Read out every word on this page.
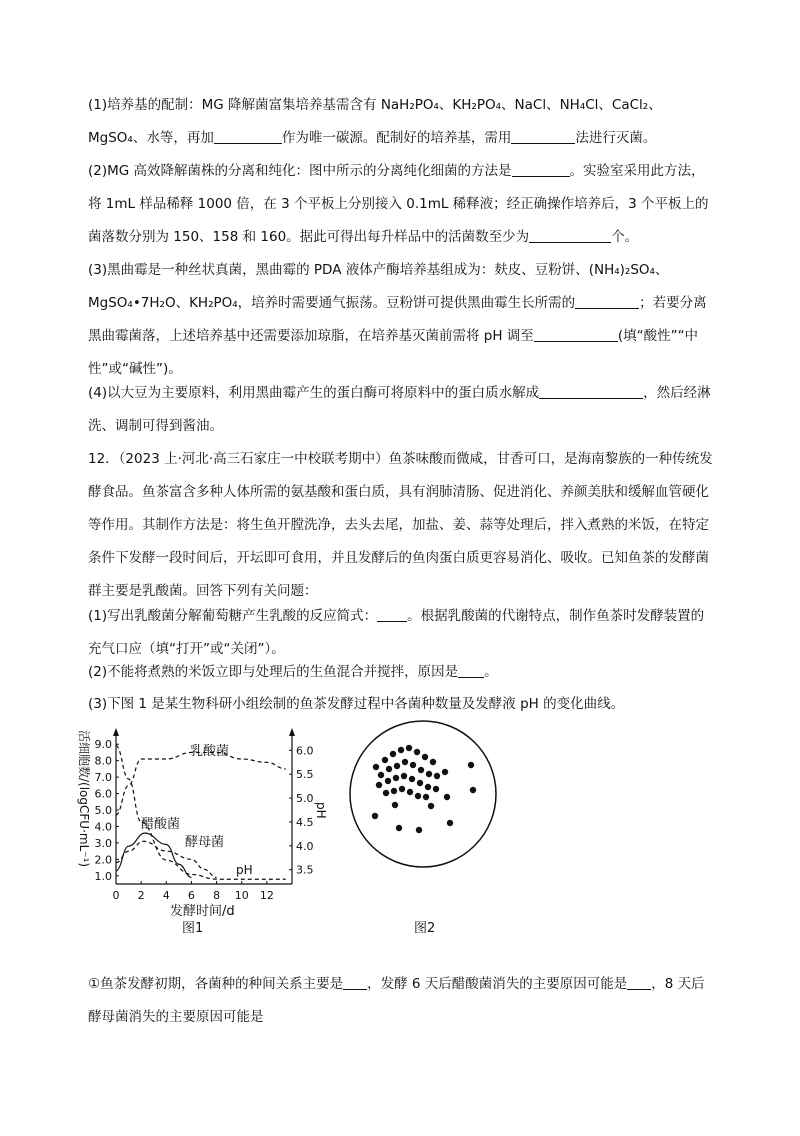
(1)培养基的配制：MG 降解菌富集培养基需含有 NaH₂PO₄、KH₂PO₄、NaCl、NH₄Cl、CaCl₂、MgSO₄、水等，再加	作为唯一碳源。配制好的培养基，需用	法进行灭菌。

(2)MG 高效降解菌株的分离和纯化：图中所示的分离纯化细菌的方法是	。实验室采用此方法，将 1mL 样品稀释 1000 倍，在 3 个平板上分别接入 0.1mL 稀释液；经正确操作培养后，3 个平板上的菌落数分别为 150、158 和 160。据此可得出每升样品中的活菌数至少为	个。

(3)黑曲霉是一种丝状真菌，黑曲霉的 PDA 液体产酶培养基组成为：麸皮、豆粉饼、(NH₄)₂SO₄、MgSO₄•7H₂O、KH₂PO₄，培养时需要通气振荡。豆粉饼可提供黑曲霉生长所需的	；若要分离黑曲霉菌落，上述培养基中还需要添加琼脂，在培养基灭菌前需将 pH 调至	(填“酸性”“中性”或“碱性”)。

(4)以大豆为主要原料，利用黑曲霉产生的蛋白酶可将原料中的蛋白质水解成	，然后经淋洗、调制可得到酱油。

12．（2023 上·河北·高三石家庄一中校联考期中）鱼茶味酸而微咸，甘香可口，是海南黎族的一种传统发酵食品。鱼茶富含多种人体所需的氨基酸和蛋白质，具有润肺清肠、促进消化、养颜美肤和缓解血管硬化等作用。其制作方法是：将生鱼开膛洗净，去头去尾，加盐、姜、蒜等处理后，拌入煮熟的米饭，在特定条件下发酵一段时间后，开坛即可食用，并且发酵后的鱼肉蛋白质更容易消化、吸收。已知鱼茶的发酵菌群主要是乳酸菌。回答下列有关问题：

(1)写出乳酸菌分解葡萄糖产生乳酸的反应简式： 。根据乳酸菌的代谢特点，制作鱼茶时发酵装置的充气口应（填“打开”或“关闭”）。

(2)不能将煮熟的米饭立即与处理后的生鱼混合并搅拌，原因是 。

(3)下图 1 是某生物科研小组绘制的鱼茶发酵过程中各菌种数量及发酵液 pH 的变化曲线。

活细胞数/(logCFU·mL⁻¹)	pH
发酵时间/d
图1
乳酸菌
醋酸菌
酵母菌
pH
1.0
2.0
3.0
4.0
5.0
6.0
7.0
8.0
9.0
3.5
4.0
4.5
5.0
5.5
6.0
0 2 4 6 8 10 12
图2

①鱼茶发酵初期，各菌种的种间关系主要是 ，发酵 6 天后醋酸菌消失的主要原因可能是 ，8 天后酵母菌消失的主要原因可能是
